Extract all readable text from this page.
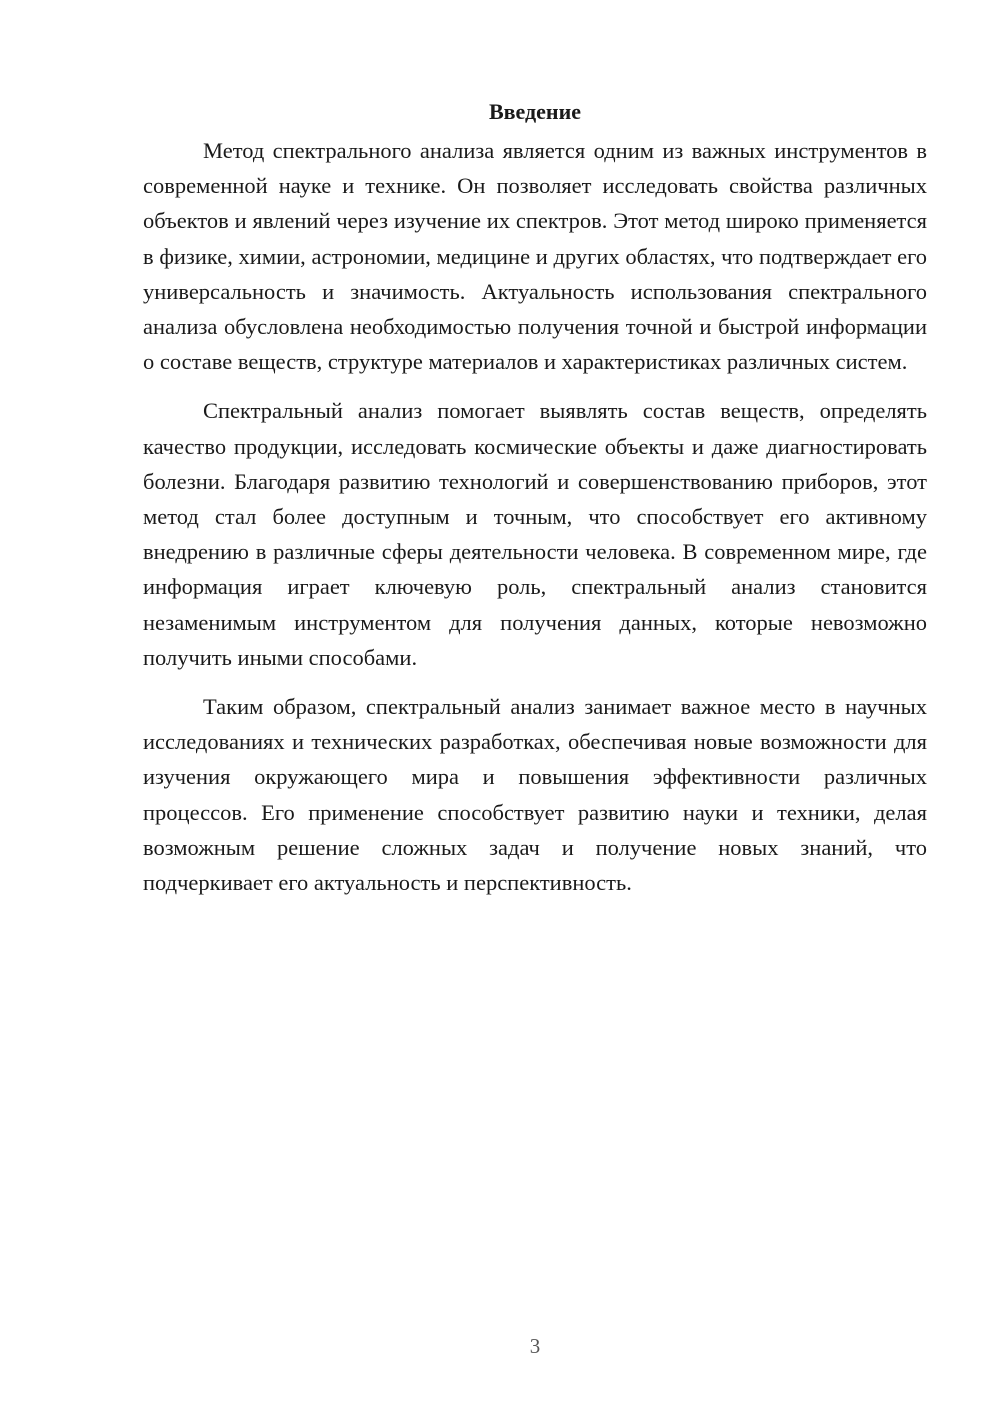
Введение

Метод спектрального анализа является одним из важных инструментов в современной науке и технике. Он позволяет исследовать свойства различных объектов и явлений через изучение их спектров. Этот метод широко применяется в физике, химии, астрономии, медицине и других областях, что подтверждает его универсальность и значимость. Актуальность использования спектрального анализа обусловлена необходимостью получения точной и быстрой информации о составе веществ, структуре материалов и характеристиках различных систем.

Спектральный анализ помогает выявлять состав веществ, определять качество продукции, исследовать космические объекты и даже диагностировать болезни. Благодаря развитию технологий и совершенствованию приборов, этот метод стал более доступным и точным, что способствует его активному внедрению в различные сферы деятельности человека. В современном мире, где информация играет ключевую роль, спектральный анализ становится незаменимым инструментом для получения данных, которые невозможно получить иными способами.

Таким образом, спектральный анализ занимает важное место в научных исследованиях и технических разработках, обеспечивая новые возможности для изучения окружающего мира и повышения эффективности различных процессов. Его применение способствует развитию науки и техники, делая возможным решение сложных задач и получение новых знаний, что подчеркивает его актуальность и перспективность.

3
